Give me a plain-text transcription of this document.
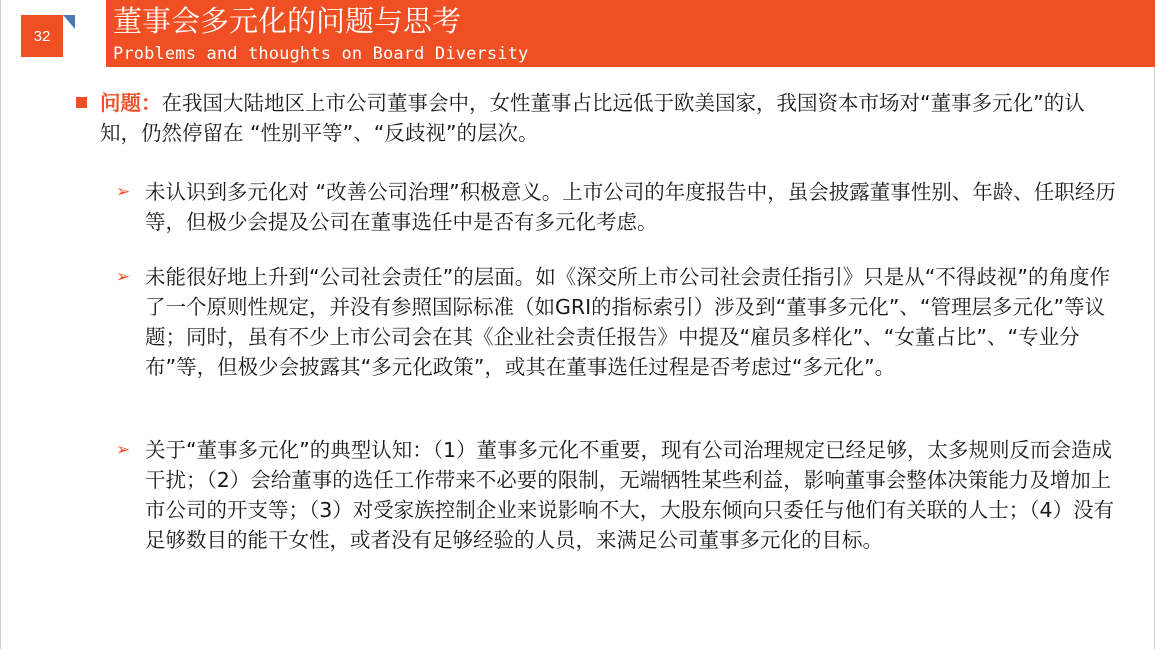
32 董事会多元化的问题与思考
Problems and thoughts on Board Diversity

问题：在我国大陆地区上市公司董事会中，女性董事占比远低于欧美国家，我国资本市场对“董事多元化”的认知，仍然停留在 “性别平等”、“反歧视”的层次。

➢ 未认识到多元化对 “改善公司治理”积极意义。上市公司的年度报告中，虽会披露董事性别、年龄、任职经历等，但极少会提及公司在董事选任中是否有多元化考虑。

➢ 未能很好地上升到“公司社会责任”的层面。如《深交所上市公司社会责任指引》只是从“不得歧视”的角度作了一个原则性规定，并没有参照国际标准（如GRI的指标索引）涉及到“董事多元化”、“管理层多元化”等议题；同时，虽有不少上市公司会在其《企业社会责任报告》中提及“雇员多样化”、“女董占比”、“专业分布”等，但极少会披露其“多元化政策”，或其在董事选任过程是否考虑过“多元化”。

➢ 关于“董事多元化”的典型认知：（1）董事多元化不重要，现有公司治理规定已经足够，太多规则反而会造成干扰；（2）会给董事的选任工作带来不必要的限制，无端牺牲某些利益，影响董事会整体决策能力及增加上市公司的开支等；（3）对受家族控制企业来说影响不大，大股东倾向只委任与他们有关联的人士；（4）没有足够数目的能干女性，或者没有足够经验的人员，来满足公司董事多元化的目标。
